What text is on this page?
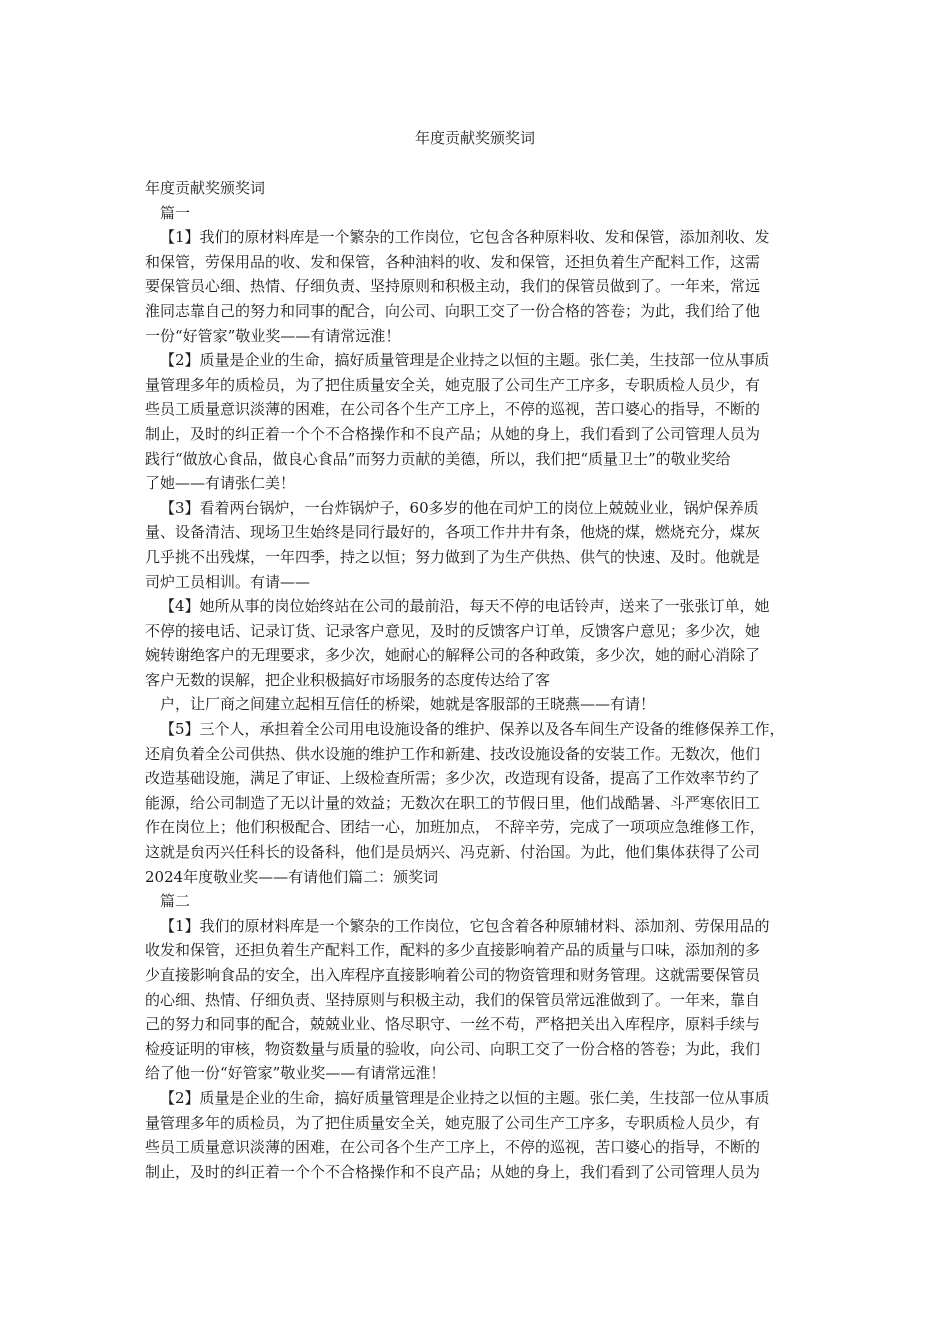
年度贡献奖颁奖词
年度贡献奖颁奖词
篇一
【1】我们的原材料库是一个繁杂的工作岗位，它包含各种原料收、发和保管，添加剂收、发
和保管，劳保用品的收、发和保管，各种油料的收、发和保管，还担负着生产配料工作，这需
要保管员心细、热情、仔细负责、坚持原则和积极主动，我们的保管员做到了。一年来，常远
淮同志靠自己的努力和同事的配合，向公司、向职工交了一份合格的答卷；为此，我们给了他
一份“好管家”敬业奖——有请常远淮！
【2】质量是企业的生命，搞好质量管理是企业持之以恒的主题。张仁美，生技部一位从事质
量管理多年的质检员，为了把住质量安全关，她克服了公司生产工序多，专职质检人员少，有
些员工质量意识淡薄的困难，在公司各个生产工序上，不停的巡视，苦口婆心的指导，不断的
制止，及时的纠正着一个个不合格操作和不良产品；从她的身上，我们看到了公司管理人员为
践行“做放心食品，做良心食品”而努力贡献的美德，所以，我们把“质量卫士”的敬业奖给
了她——有请张仁美！
【3】看着两台锅炉，一台炸锅炉子，60多岁的他在司炉工的岗位上兢兢业业，锅炉保养质
量、设备清洁、现场卫生始终是同行最好的，各项工作井井有条，他烧的煤，燃烧充分，煤灰
几乎挑不出残煤，一年四季，持之以恒；努力做到了为生产供热、供气的快速、及时。他就是
司炉工员相训。有请——
【4】她所从事的岗位始终站在公司的最前沿，每天不停的电话铃声，送来了一张张订单，她
不停的接电话、记录订货、记录客户意见，及时的反馈客户订单，反馈客户意见；多少次，她
婉转谢绝客户的无理要求，多少次，她耐心的解释公司的各种政策，多少次，她的耐心消除了
客户无数的误解，把企业积极搞好市场服务的态度传达给了客
户，让厂商之间建立起相互信任的桥梁，她就是客服部的王晓燕——有请！
【5】三个人，承担着全公司用电设施设备的维护、保养以及各车间生产设备的维修保养工作，
还肩负着全公司供热、供水设施的维护工作和新建、技改设施设备的安装工作。无数次，他们
改造基础设施，满足了审证、上级检查所需；多少次，改造现有设备，提高了工作效率节约了
能源，给公司制造了无以计量的效益；无数次在职工的节假日里，他们战酷暑、斗严寒依旧工
作在岗位上；他们积极配合、团结一心，加班加点， 不辞辛劳，完成了一项项应急维修工作，
这就是贠丙兴任科长的设备科，他们是员炳兴、冯克新、付治国。为此，他们集体获得了公司
2024年度敬业奖——有请他们篇二：颁奖词
篇二
【1】我们的原材料库是一个繁杂的工作岗位，它包含着各种原辅材料、添加剂、劳保用品的
收发和保管，还担负着生产配料工作，配料的多少直接影响着产品的质量与口味，添加剂的多
少直接影响食品的安全，出入库程序直接影响着公司的物资管理和财务管理。这就需要保管员
的心细、热情、仔细负责、坚持原则与积极主动，我们的保管员常远淮做到了。一年来，靠自
己的努力和同事的配合，兢兢业业、恪尽职守、一丝不苟，严格把关出入库程序，原料手续与
检疫证明的审核，物资数量与质量的验收，向公司、向职工交了一份合格的答卷；为此，我们
给了他一份“好管家”敬业奖——有请常远淮！
【2】质量是企业的生命，搞好质量管理是企业持之以恒的主题。张仁美，生技部一位从事质
量管理多年的质检员，为了把住质量安全关，她克服了公司生产工序多，专职质检人员少，有
些员工质量意识淡薄的困难，在公司各个生产工序上，不停的巡视，苦口婆心的指导，不断的
制止，及时的纠正着一个个不合格操作和不良产品；从她的身上，我们看到了公司管理人员为
